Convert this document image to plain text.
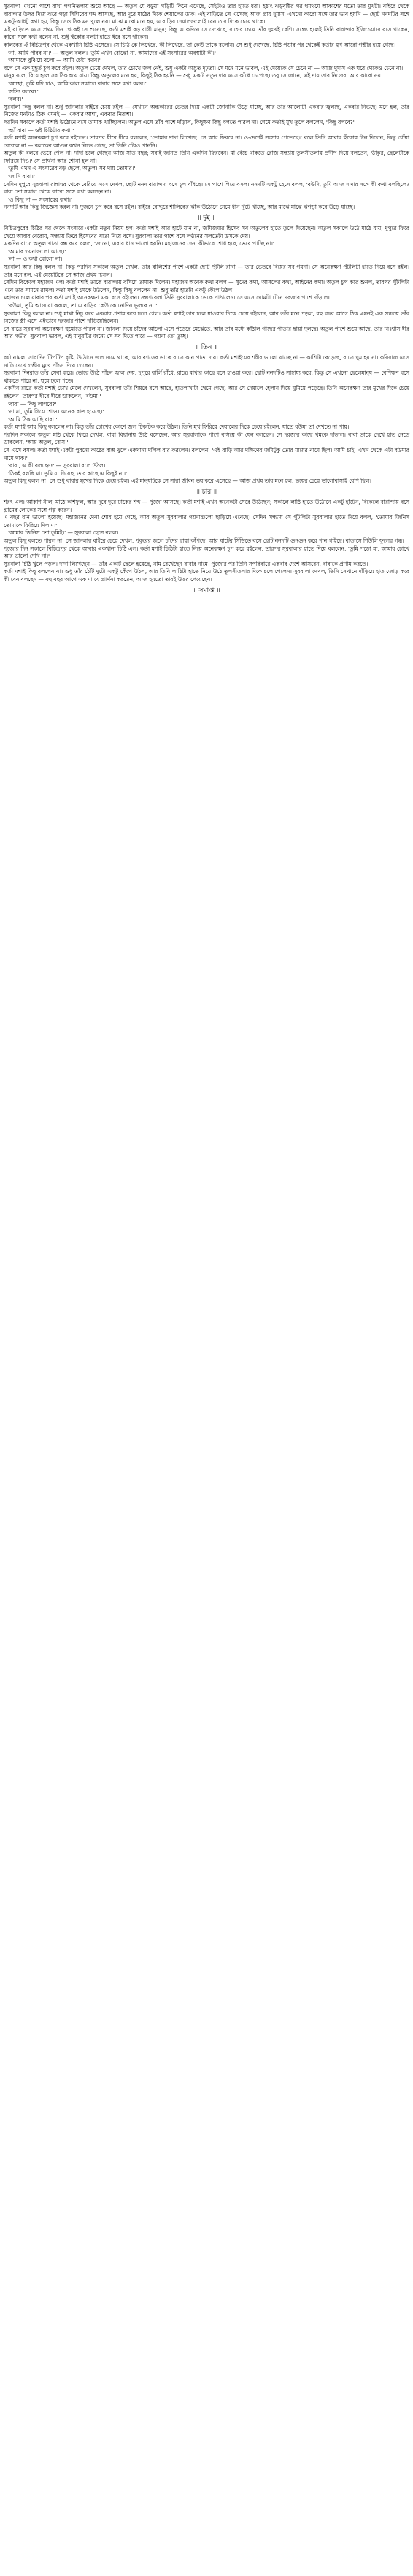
সুরবালা এখনো পাশে রাখা গগনিতলায় শুয়ে আছে — অতুল যে বড়ুয়া গড়িটি কিনে এনেছে, সেইটাও তার হাতে ধরা। হঠাৎ ঝড়বৃষ্টির পর থমথমে আকাশের মতো তার মুখটা। বাইরে থেকে বারান্দার উপর দিয়ে ঝরে পড়া শিশিরের শব্দ আসছে, আর দূরে মাঠের দিকে শেয়ালের ডাক। এই বাড়িতে সে এসেছে আজ প্রায় দুমাস, এখনো কারো সঙ্গে তার ভাব হয়নি — ছোট ননদটির সঙ্গে একটু-আধটু কথা হয়, কিন্তু সেও ঠিক মন খুলে নয়। মাঝে মাঝে মনে হয়, এ বাড়ির দেয়ালগুলোই যেন তার দিকে চেয়ে থাকে।

এই বাড়িতে এসে প্রথম দিন থেকেই সে শুনেছে, কর্তা মশাই বড় রাগী মানুষ; কিন্তু এ কদিনে সে দেখেছে, রাগের চেয়ে তাঁর দুঃখই বেশি। সন্ধ্যে হলেই তিনি বারান্দার ইজিচেয়ারে বসে থাকেন, কারো সঙ্গে কথা বলেন না, শুধু হুঁকোর নলটা হাতে ধরে বসে থাকেন।

কালকের ঐ বিচিত্রপুর থেকে একখানি চিঠি এসেছে। সে চিঠি কে লিখেছে, কী লিখেছে, তা কেউ তাকে বলেনি। সে শুধু দেখেছে, চিঠি পড়ার পর থেকেই কর্তার মুখ আরো গম্ভীর হয়ে গেছে।

'না, আমি পারব না।' — অতুল বলল। 'তুমি এখন বোঝো না, আমাদের এই সংসারের অবস্থাটা কী।'

'আমাকে বুঝিয়ে বলো — আমি চেষ্টা করব।'

বলে সে এক মুহূর্ত চুপ করে রইল। অতুল চেয়ে দেখল, তার চোখে জল নেই, শুধু একটা অদ্ভুত দৃঢ়তা। সে মনে মনে ভাবল, এই মেয়েকে সে চেনে না — আজ দুমাস এক ঘরে থেকেও চেনে না।

মানুষ বলে, বিয়ে হলে সব ঠিক হয়ে যায়। কিন্তু অতুলের মনে হয়, কিছুই ঠিক হয়নি — শুধু একটা নতুন দায় এসে কাঁধে চেপেছে। তবু সে জানে, এই দায় তার নিজের, আর কারো নয়।

'আচ্ছা, তুমি যদি চাও, আমি কাল সকালে বাবার সঙ্গে কথা বলব।'

'সত্যি বলবে?'

'বলব।'

সুরবালা কিছু বলল না। শুধু জানলার বাইরে চেয়ে রইল — যেখানে অন্ধকারের ভেতর দিয়ে একটা জোনাকি উড়ে যাচ্ছে, আর তার আলোটা একবার জ্বলছে, একবার নিভছে। মনে হল, তার নিজের মনটাও ঠিক এমনই — একবার আশা, একবার নিরাশা।

পরদিন সকালে কর্তা মশাই উঠোনে বসে তামাক খাচ্ছিলেন। অতুল এসে তাঁর পাশে দাঁড়াল, কিছুক্ষণ কিছু বলতে পারল না। শেষে কর্তাই মুখ তুলে বললেন, 'কিছু বলবে?'

'হ্যাঁ বাবা — ওই চিঠিটার কথা।'

কর্তা মশাই অনেকক্ষণ চুপ করে রইলেন। তারপর ধীরে ধীরে বললেন, 'তোমার দাদা লিখেছে। সে আর ফিরবে না। ও-দেশেই সংসার পেতেছে।' বলে তিনি আবার হুঁকোয় টান দিলেন, কিন্তু ধোঁয়া বেরোল না — কলকের আগুন কখন নিভে গেছে, তা তিনি টেরও পাননি।

অতুল কী বলবে ভেবে পেল না। দাদা চলে গেছেন আজ সাত বছর; সবাই জানত তিনি একদিন ফিরবেন। মা বেঁচে থাকতে রোজ সন্ধ্যায় তুলসীতলায় প্রদীপ দিয়ে বলতেন, 'ঠাকুর, ছেলেটাকে ফিরিয়ে দিও।' সে প্রার্থনা আর শোনা হল না।

'তুমি এখন এ সংসারের বড় ছেলে, অতুল। সব দায় তোমার।'

'জানি বাবা।'

সেদিন দুপুরে সুরবালা রান্নাঘর থেকে বেরিয়ে এসে দেখল, ছোট ননদ বারান্দায় বসে চুল বাঁধছে। সে পাশে গিয়ে বসল। ননদটি একটু হেসে বলল, 'বউদি, তুমি আজ দাদার সঙ্গে কী কথা বলছিলে? বাবা তো সকাল থেকে কারো সঙ্গে কথা বলছেন না।'

'ও কিছু না — সংসারের কথা।'

ননদটি আর কিছু জিজ্ঞেস করল না। দুজনে চুপ করে বসে রইল। বাইরে রোদ্দুরে শালিকের ঝাঁক উঠোনে নেমে ধান খুঁটে খাচ্ছে, আর মাঝে মাঝে ঝগড়া করে উড়ে যাচ্ছে।

॥ দুই ॥

বিচিত্রপুরের চিঠির পর থেকে সংসারে একটা নতুন নিয়ম হল। কর্তা মশাই আর হাটে যান না, জমিজমার হিসেব সব অতুলের হাতে তুলে দিয়েছেন। অতুল সকালে উঠে মাঠে যায়, দুপুরে ফিরে খেয়ে আবার বেরোয়, সন্ধ্যায় ফিরে হিসেবের খাতা নিয়ে বসে। সুরবালা তার পাশে বসে লণ্ঠনের সলতেটা উসকে দেয়।

একদিন রাত্রে অতুল খাতা বন্ধ করে বলল, 'জানো, এবার ধান ভালো হয়নি। মহাজনের দেনা কীভাবে শোধ হবে, ভেবে পাচ্ছি না।'

'আমার গয়নাগুলো আছে।'

'না — ও কথা বোলো না।'

সুরবালা আর কিছু বলল না, কিন্তু পরদিন সকালে অতুল দেখল, তার বালিশের পাশে একটা ছোট পুঁটলি রাখা — তার ভেতরে বিয়ের সব গয়না। সে অনেকক্ষণ পুঁটলিটা হাতে নিয়ে বসে রইল। তার মনে হল, এই মেয়েটিকে সে আজ প্রথম চিনল।

সেদিন বিকেলে মহাজন এল। কর্তা মশাই তাকে বারান্দায় বসিয়ে তামাক দিলেন। মহাজন অনেক কথা বলল — সুদের কথা, আসলের কথা, আইনের কথা। অতুল চুপ করে শুনল, তারপর পুঁটলিটা এনে তার সামনে রাখল। কর্তা মশাই চমকে উঠলেন, কিন্তু কিছু বললেন না। শুধু তাঁর হাতটা একটু কেঁপে উঠল।

মহাজন চলে যাবার পর কর্তা মশাই অনেকক্ষণ একা বসে রইলেন। সন্ধ্যাবেলা তিনি সুরবালাকে ডেকে পাঠালেন। সে এসে ঘোমটা টেনে দরজার পাশে দাঁড়াল।

'বউমা, তুমি আজ যা করলে, তা এ বাড়ির কেউ কোনোদিন ভুলবে না।'

সুরবালা কিছু বলল না। শুধু মাথা নিচু করে একবার প্রণাম করে চলে গেল। কর্তা মশাই তার চলে যাওয়ার দিকে চেয়ে রইলেন, আর তাঁর মনে পড়ল, বহু বছর আগে ঠিক এমনই এক সন্ধ্যায় তাঁর নিজের স্ত্রী এসে এইভাবে দরজার পাশে দাঁড়িয়েছিলেন।

সে রাত্রে সুরবালা অনেকক্ষণ ঘুমোতে পারল না। জানলা দিয়ে চাঁদের আলো এসে পড়েছে মেঝেতে, আর তার মধ্যে কাঁঠাল গাছের পাতার ছায়া দুলছে। অতুল পাশে শুয়ে আছে, তার নিঃশ্বাস ধীর আর গভীর। সুরবালা ভাবল, এই মানুষটির জন্যে সে সব দিতে পারে — গয়না তো তুচ্ছ।

॥ তিন ॥

বর্ষা নামল। সারাদিন টিপটিপ বৃষ্টি, উঠোনে জল জমে থাকে, আর ব্যাঙের ডাকে রাত্রে কান পাতা দায়। কর্তা মশাইয়ের শরীর ভালো যাচ্ছে না — কাশিটা বেড়েছে, রাত্রে ঘুম হয় না। কবিরাজ এসে নাড়ি দেখে গম্ভীর মুখে পাঁচন দিয়ে গেছেন।

সুরবালা দিনরাত তাঁর সেবা করে। ভোরে উঠে পাঁচন জ্বাল দেয়, দুপুরে বার্লি রাঁধে, রাত্রে মাথার কাছে বসে হাওয়া করে। ছোট ননদটিও সাহায্য করে, কিন্তু সে এখনো ছেলেমানুষ — বেশিক্ষণ বসে থাকতে পারে না, ঘুমে ঢুলে পড়ে।

একদিন রাত্রে কর্তা মশাই চোখ মেলে দেখলেন, সুরবালা তাঁর শিয়রে বসে আছে, হাতপাখাটা থেমে গেছে, আর সে দেয়ালে হেলান দিয়ে ঘুমিয়ে পড়েছে। তিনি অনেকক্ষণ তার মুখের দিকে চেয়ে রইলেন। তারপর ধীরে ধীরে ডাকলেন, 'বউমা।'

'বাবা — কিছু লাগবে?'

'না মা, তুমি গিয়ে শোও। অনেক রাত হয়েছে।'

'আমি ঠিক আছি বাবা।'

কর্তা মশাই আর কিছু বললেন না। কিন্তু তাঁর চোখের কোণে জল চিকচিক করে উঠল। তিনি মুখ ফিরিয়ে দেয়ালের দিকে চেয়ে রইলেন, যাতে বউমা তা দেখতে না পায়।

পরদিন সকালে অতুল মাঠ থেকে ফিরে দেখল, বাবা বিছানায় উঠে বসেছেন, আর সুরবালাকে পাশে বসিয়ে কী যেন বলছেন। সে দরজার কাছে থমকে দাঁড়াল। বাবা তাকে দেখে হাত নেড়ে ডাকলেন, 'আয় অতুল, বোস।'

সে এসে বসল। কর্তা মশাই একটা পুরনো কাঠের বাক্স খুলে একখানা দলিল বার করলেন। বললেন, 'এই বাড়ি আর দক্ষিণের জমিটুকু তোর মায়ের নামে ছিল। আমি চাই, এখন থেকে এটা বউমার নামে থাক।'

'বাবা, এ কী বলছেন!' — সুরবালা বলে উঠল।

'ঠিকই বলছি মা। তুমি যা দিয়েছ, তার কাছে এ কিছুই না।'

অতুল কিছু বলল না। সে শুধু বাবার মুখের দিকে চেয়ে রইল। এই মানুষটিকে সে সারা জীবন ভয় করে এসেছে — আজ প্রথম তার মনে হল, ভয়ের চেয়ে ভালোবাসাই বেশি ছিল।

॥ চার ॥

শরৎ এল। আকাশ নীল, মাঠে কাশফুল, আর দূরে দূরে ঢাকের শব্দ — পুজো আসছে। কর্তা মশাই এখন অনেকটা সেরে উঠেছেন; সকালে লাঠি হাতে উঠোনে একটু হাঁটেন, বিকেলে বারান্দায় বসে গ্রামের লোকের সঙ্গে গল্প করেন।

এ বছর ধান ভালো হয়েছে। মহাজনের দেনা শোধ হয়ে গেছে, আর অতুল সুরবালার গয়নাগুলো ছাড়িয়ে এনেছে। সেদিন সন্ধ্যায় সে পুঁটলিটা সুরবালার হাতে দিয়ে বলল, 'তোমার জিনিস তোমাকে ফিরিয়ে দিলাম।'

'আমার জিনিস তো তুমিই।' — সুরবালা হেসে বলল।

অতুল কিছু বলতে পারল না। সে জানলার বাইরে চেয়ে দেখল, পুকুরের জলে চাঁদের ছায়া কাঁপছে, আর ঘাটের সিঁড়িতে বসে ছোট ননদটি গুনগুন করে গান গাইছে। বাতাসে শিউলি ফুলের গন্ধ।

পুজোর দিন সকালে বিচিত্রপুর থেকে আবার একখানা চিঠি এল। কর্তা মশাই চিঠিটা হাতে নিয়ে অনেকক্ষণ চুপ করে রইলেন, তারপর সুরবালার হাতে দিয়ে বললেন, 'তুমি পড়ো মা, আমার চোখে আর ভালো দেখি না।'

সুরবালা চিঠি খুলে পড়ল। দাদা লিখেছেন — তাঁর একটি ছেলে হয়েছে, নাম রেখেছেন বাবার নামে। পুজোর পর তিনি সপরিবারে একবার দেশে আসবেন, বাবাকে প্রণাম করতে।

কর্তা মশাই কিছু বললেন না। শুধু তাঁর ঠোঁট দুটো একটু কেঁপে উঠল, আর তিনি লাঠিটা হাতে নিয়ে উঠে তুলসীতলার দিকে চলে গেলেন। সুরবালা দেখল, তিনি সেখানে দাঁড়িয়ে হাত জোড় করে কী যেন বলছেন — বহু বছর আগে এক মা যে প্রার্থনা করতেন, আজ হয়তো তারই উত্তর পেয়েছেন।

॥ সমাপ্ত ॥
